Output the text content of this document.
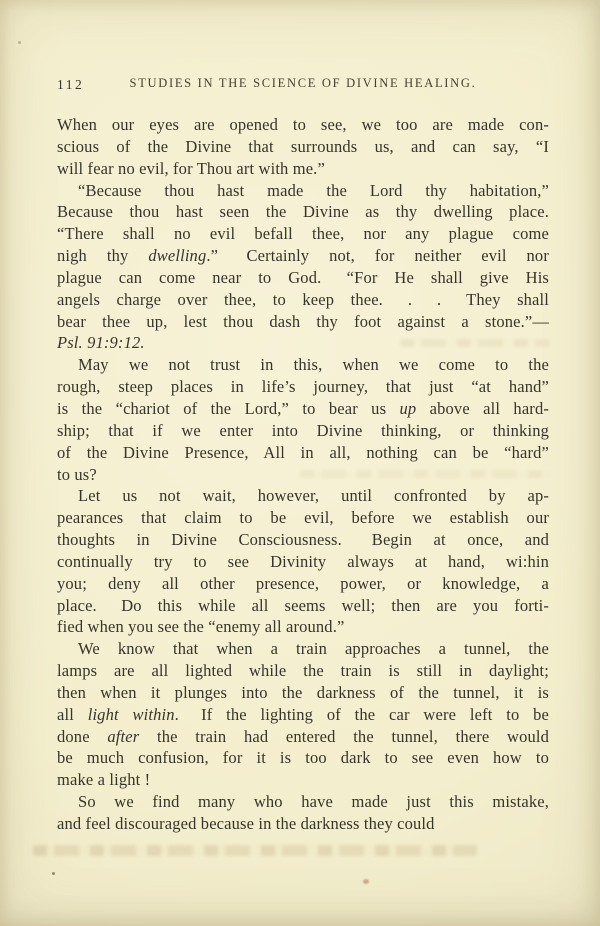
112	STUDIES IN THE SCIENCE OF DIVINE HEALING.
When our eyes are opened to see, we too are made con-
scious of the Divine that surrounds us, and can say, “I
will fear no evil, for Thou art with me.”
“Because thou hast made the Lord thy habitation,”
Because thou hast seen the Divine as thy dwelling place.
“There shall no evil befall thee, nor any plague come
nigh thy dwelling.”  Certainly not, for neither evil nor
plague can come near to God.  “For He shall give His
angels charge over thee, to keep thee.  .  .  They shall
bear thee up, lest thou dash thy foot against a stone.”—
Psl. 91:9:12.
May we not trust in this, when we come to the
rough, steep places in life’s journey, that just “at hand”
is the “chariot of the Lord,” to bear us up above all hard-
ship; that if we enter into Divine thinking, or thinking
of the Divine Presence, All in all, nothing can be “hard”
to us?
Let us not wait, however, until confronted by ap-
pearances that claim to be evil, before we establish our
thoughts in Divine Consciousness.  Begin at once, and
continually try to see Divinity always at hand, wi:hin
you; deny all other presence, power, or knowledge, a
place.  Do this while all seems well; then are you forti-
fied when you see the “enemy all around.”
We know that when a train approaches a tunnel, the
lamps are all lighted while the train is still in daylight;
then when it plunges into the darkness of the tunnel, it is
all light within.  If the lighting of the car were left to be
done after the train had entered the tunnel, there would
be much confusion, for it is too dark to see even how to
make a light !
So we find many who have made just this mistake,
and feel discouraged because in the darkness they could
